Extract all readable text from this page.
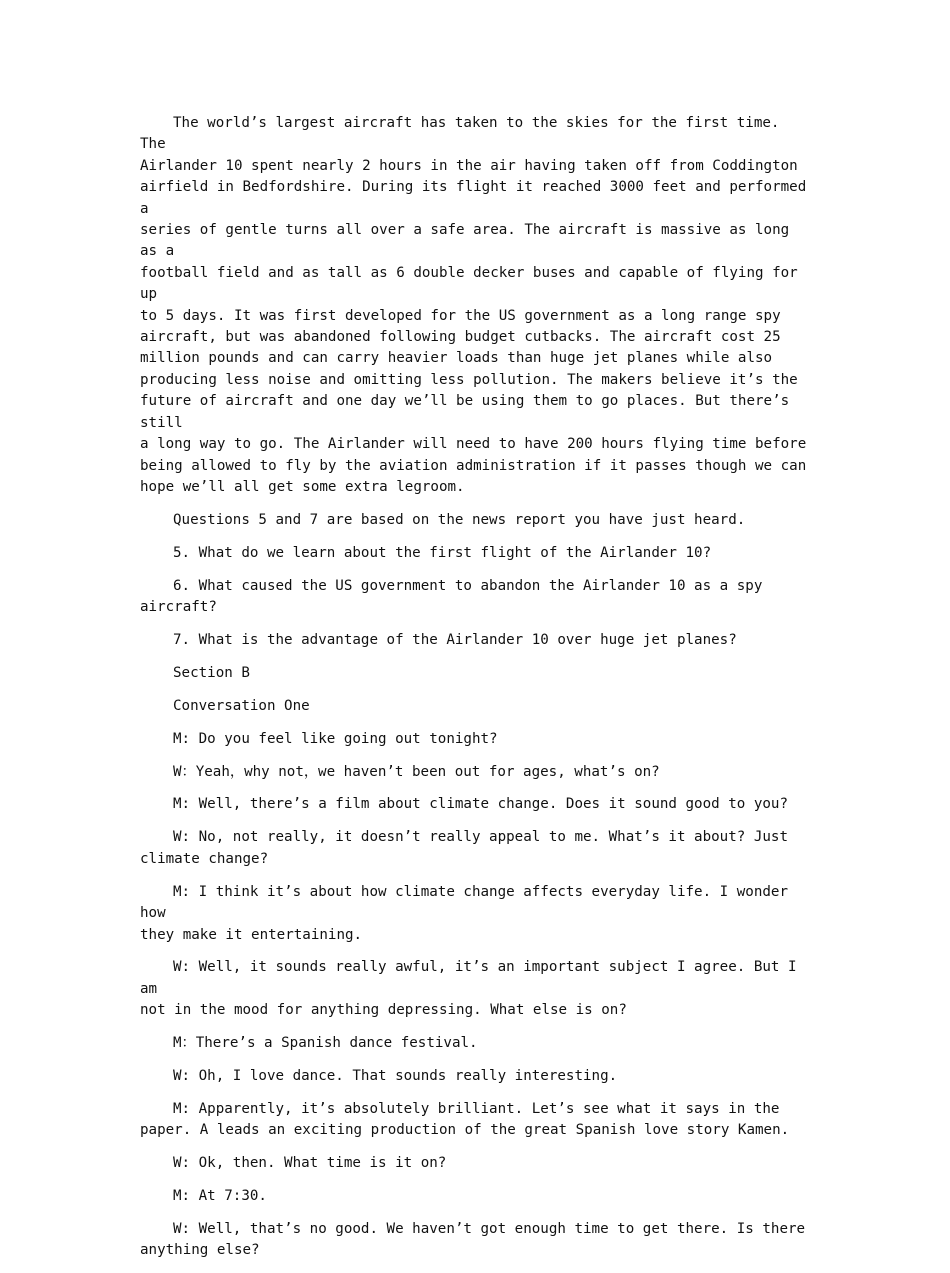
The world’s largest aircraft has taken to the skies for the first time. The
Airlander 10 spent nearly 2 hours in the air having taken off from Coddington
airfield in Bedfordshire. During its flight it reached 3000 feet and performed a
series of gentle turns all over a safe area. The aircraft is massive as long as a
football field and as tall as 6 double decker buses and capable of flying for up
to 5 days. It was first developed for the US government as a long range spy
aircraft, but was abandoned following budget cutbacks. The aircraft cost 25
million pounds and can carry heavier loads than huge jet planes while also
producing less noise and omitting less pollution. The makers believe it’s the
future of aircraft and one day we’ll be using them to go places. But there’s still
a long way to go. The Airlander will need to have 200 hours flying time before
being allowed to fly by the aviation administration if it passes though we can
hope we’ll all get some extra legroom.

Questions 5 and 7 are based on the news report you have just heard.

5. What do we learn about the first flight of the Airlander 10?

6. What caused the US government to abandon the Airlander 10 as a spy
aircraft?

7. What is the advantage of the Airlander 10 over huge jet planes?

Section B

Conversation One

M: Do you feel like going out tonight?

W：Yeah，why not，we haven’t been out for ages, what’s on?

M: Well, there’s a film about climate change. Does it sound good to you?

W: No, not really, it doesn’t really appeal to me. What’s it about? Just
climate change?

M: I think it’s about how climate change affects everyday life. I wonder how
they make it entertaining.

W: Well, it sounds really awful, it’s an important subject I agree. But I am
not in the mood for anything depressing. What else is on?

M：There’s a Spanish dance festival.

W: Oh, I love dance. That sounds really interesting.

M: Apparently, it’s absolutely brilliant. Let’s see what it says in the
paper. A leads an exciting production of the great Spanish love story Kamen.

W: Ok, then. What time is it on?

M: At 7:30.

W: Well, that’s no good. We haven’t got enough time to get there. Is there
anything else?
